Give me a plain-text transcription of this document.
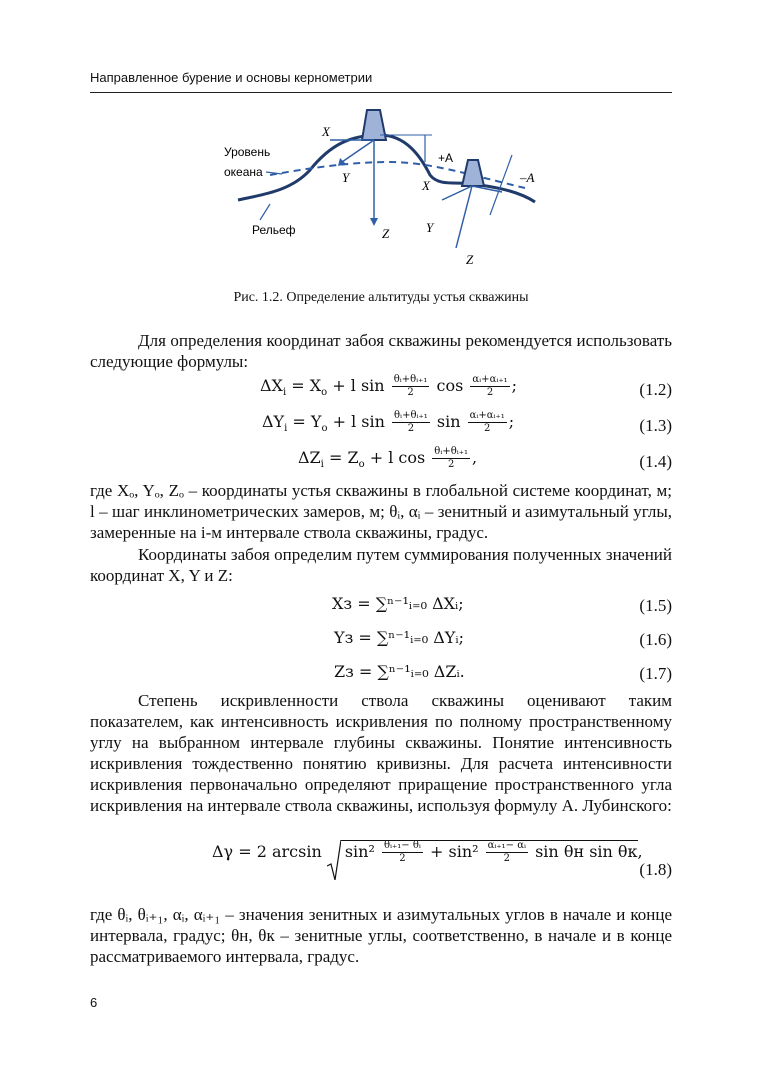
Направленное бурение и основы кернометрии
Уровень
океана
Рельеф
X
Y
Z
+A
X
Y
Z
–A
Рис. 1.2. Определение альтитуды устья скважины
Для определения координат забоя скважины рекомендуется использовать следующие формулы:
$\Delta X_i = X_о + l$ $\sin \frac{\text{θᵢ+θᵢ₊₁}}{2}$ $\cos \frac{\text{αᵢ+αᵢ₊₁}}{2}$ ;	(1.2)
$\Delta Y_i = Y_о + l$ $\sin \frac{\text{θᵢ+θᵢ₊₁}}{2}$ $\sin \frac{\text{αᵢ+αᵢ₊₁}}{2}$ ;	(1.3)
$\Delta Z_i = Z_о + l$ $\cos \frac{\text{θᵢ+θᵢ₊₁}}{2}$ ,	(1.4)
где Xₒ, Yₒ, Zₒ – координаты устья скважины в глобальной системе координат, м; l – шаг инклинометрических замеров, м; θᵢ, αᵢ – зенитный и азимутальный углы, замеренные на i-м интервале ствола скважины, градус.
Координаты забоя определим путем суммирования полученных значений координат X, Y и Z:
Xз = ∑ⁿ⁻¹ᵢ₌₀ ΔXᵢ;	(1.5)
Yз = ∑ⁿ⁻¹ᵢ₌₀ ΔYᵢ;	(1.6)
Zз = ∑ⁿ⁻¹ᵢ₌₀ ΔZᵢ.	(1.7)
Степень искривленности ствола скважины оценивают таким показателем, как интенсивность искривления по полному пространственному углу на выбранном интервале глубины скважины. Понятие интенсивность искривления тождественно понятию кривизны. Для расчета интенсивности искривления первоначально определяют приращение пространственного угла искривления на интервале ствола скважины, используя формулу А. Лубинского:
Δγ = 2 $\arcsin \sin^2 \frac{\text{θᵢ₊₁− θᵢ}}{2} + \sin^2 \frac{\text{αᵢ₊₁− αᵢ}}{2}$ sin θн sin θк,
(1.8)
где θᵢ, θᵢ₊₁, αᵢ, αᵢ₊₁ – значения зенитных и азимутальных углов в начале и конце интервала, градус; θн, θк – зенитные углы, соответственно, в начале и в конце рассматриваемого интервала, градус.
6
